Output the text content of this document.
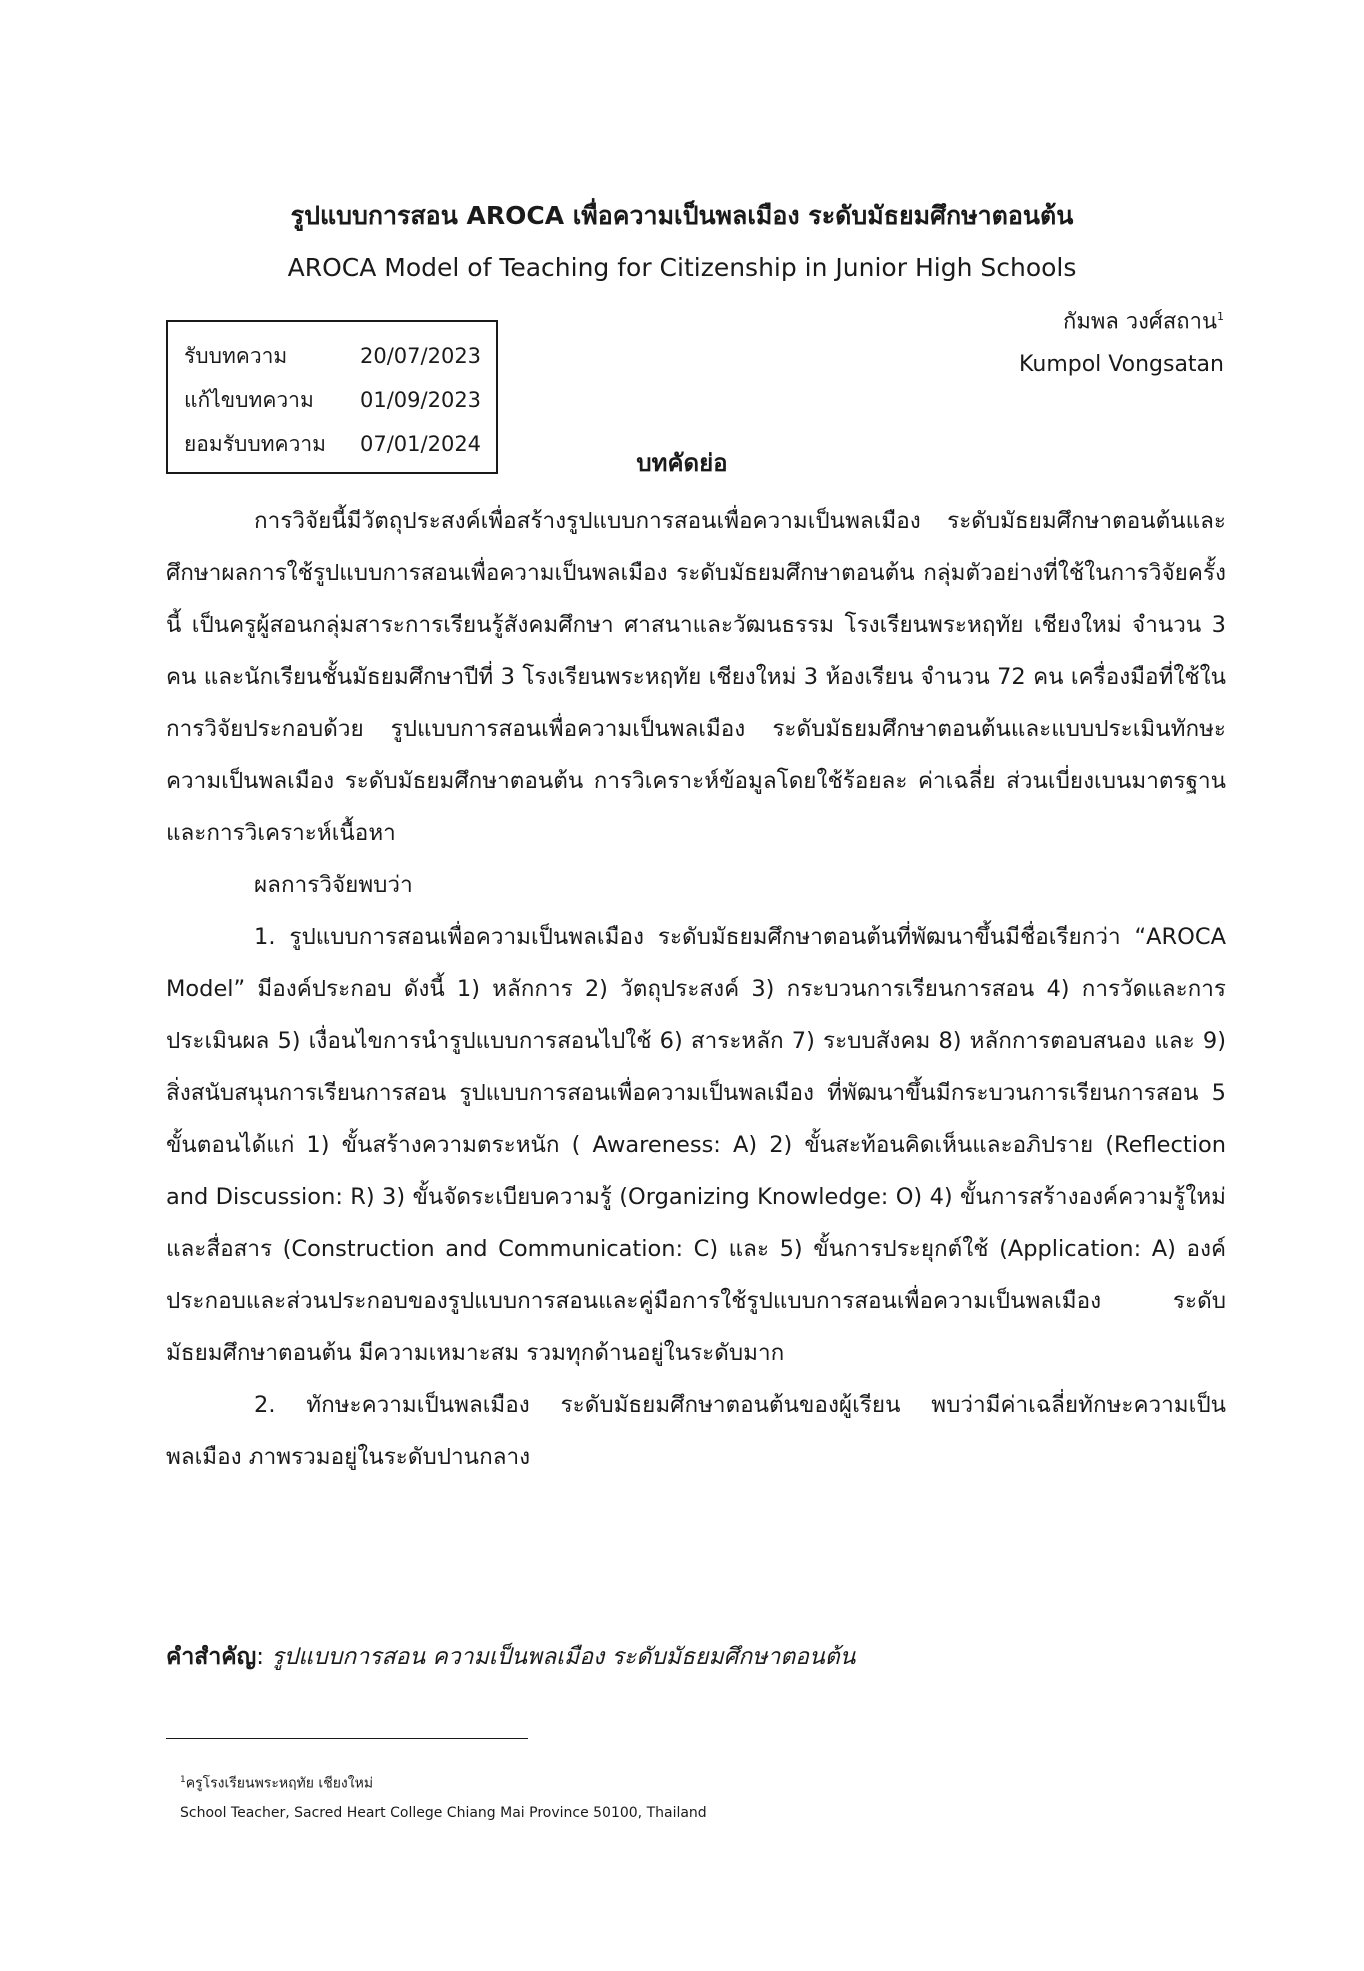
รูปแบบการสอน AROCA เพื่อความเป็นพลเมือง ระดับมัธยมศึกษาตอนต้น
AROCA Model of Teaching for Citizenship in Junior High Schools
กัมพล วงศ์สถาน$^1$
Kumpol Vongsatan
รับบทความ	20/07/2023
แก้ไขบทความ	01/09/2023
ยอมรับบทความ	07/01/2024
บทคัดย่อ

การวิจัยนี้มีวัตถุประสงค์เพื่อสร้างรูปแบบการสอนเพื่อความเป็นพลเมือง ระดับมัธยมศึกษาตอนต้นและศึกษาผลการใช้รูปแบบการสอนเพื่อความเป็นพลเมือง ระดับมัธยมศึกษาตอนต้น กลุ่มตัวอย่างที่ใช้ในการวิจัยครั้งนี้ เป็นครูผู้สอนกลุ่มสาระการเรียนรู้สังคมศึกษา ศาสนาและวัฒนธรรม โรงเรียนพระหฤทัย เชียงใหม่ จำนวน 3 คน และนักเรียนชั้นมัธยมศึกษาปีที่ 3 โรงเรียนพระหฤทัย เชียงใหม่ 3 ห้องเรียน จำนวน 72 คน เครื่องมือที่ใช้ในการวิจัยประกอบด้วย รูปแบบการสอนเพื่อความเป็นพลเมือง ระดับมัธยมศึกษาตอนต้นและแบบประเมินทักษะความเป็นพลเมือง ระดับมัธยมศึกษาตอนต้น การวิเคราะห์ข้อมูลโดยใช้ร้อยละ ค่าเฉลี่ย ส่วนเบี่ยงเบนมาตรฐาน และการวิเคราะห์เนื้อหา

ผลการวิจัยพบว่า

1. รูปแบบการสอนเพื่อความเป็นพลเมือง ระดับมัธยมศึกษาตอนต้นที่พัฒนาขึ้นมีชื่อเรียกว่า “AROCA Model” มีองค์ประกอบ ดังนี้ 1) หลักการ 2) วัตถุประสงค์ 3) กระบวนการเรียนการสอน 4) การวัดและการประเมินผล 5) เงื่อนไขการนำรูปแบบการสอนไปใช้ 6) สาระหลัก 7) ระบบสังคม 8) หลักการตอบสนอง และ 9) สิ่งสนับสนุนการเรียนการสอน รูปแบบการสอนเพื่อความเป็นพลเมือง ที่พัฒนาขึ้นมีกระบวนการเรียนการสอน 5 ขั้นตอนได้แก่ 1) ขั้นสร้างความตระหนัก ( Awareness: A) 2) ขั้นสะท้อนคิดเห็นและอภิปราย (Reflection and Discussion: R) 3) ขั้นจัดระเบียบความรู้ (Organizing Knowledge: O) 4) ขั้นการสร้างองค์ความรู้ใหม่และสื่อสาร (Construction and Communication: C) และ 5) ขั้นการประยุกต์ใช้ (Application: A) องค์ประกอบและส่วนประกอบของรูปแบบการสอนและคู่มือการใช้รูปแบบการสอนเพื่อความเป็นพลเมือง ระดับมัธยมศึกษาตอนต้น มีความเหมาะสม รวมทุกด้านอยู่ในระดับมาก

2. ทักษะความเป็นพลเมือง ระดับมัธยมศึกษาตอนต้นของผู้เรียน พบว่ามีค่าเฉลี่ยทักษะความเป็นพลเมือง ภาพรวมอยู่ในระดับปานกลาง

คำสำคัญ: รูปแบบการสอน ความเป็นพลเมือง ระดับมัธยมศึกษาตอนต้น
$^1$ครูโรงเรียนพระหฤทัย เชียงใหม่
School Teacher, Sacred Heart College Chiang Mai Province 50100, Thailand
